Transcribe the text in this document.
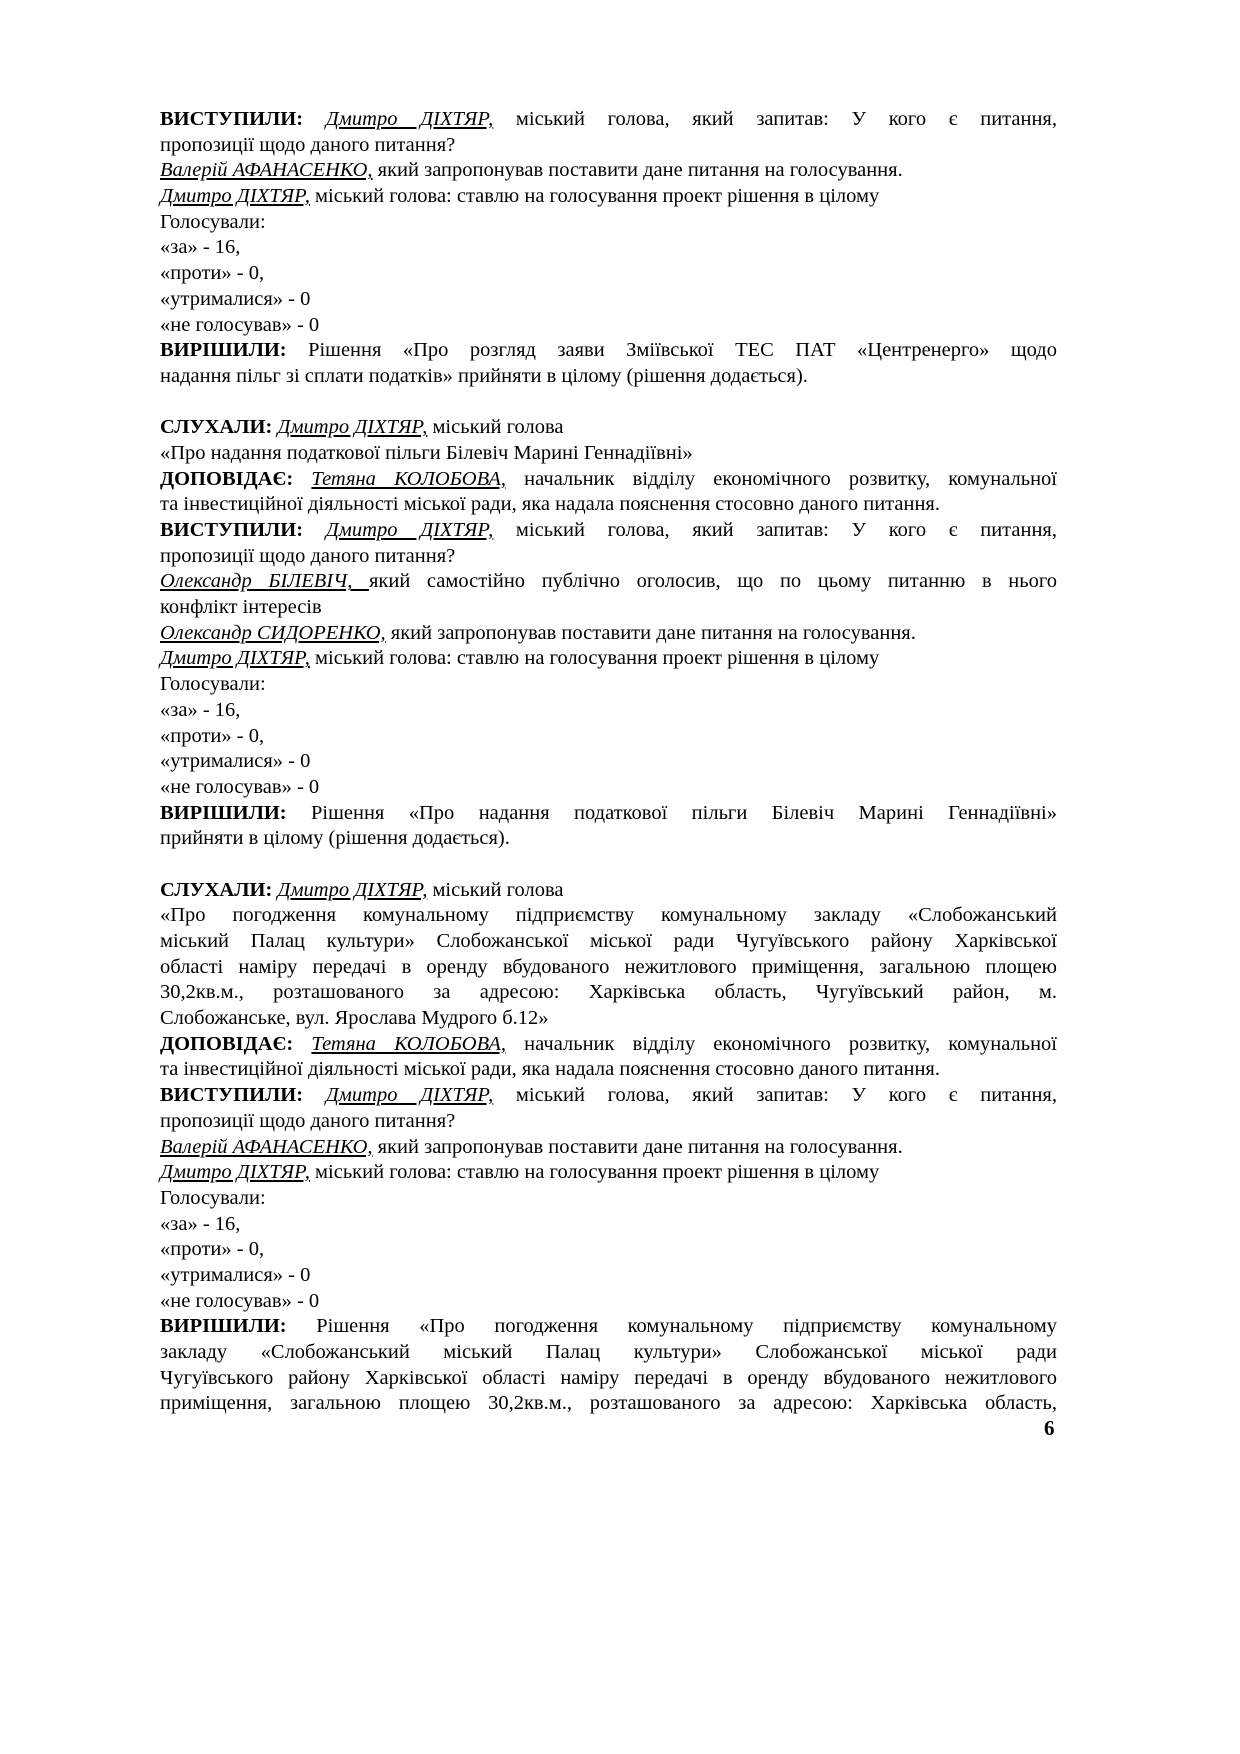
ВИСТУПИЛИ: Дмитро ДІХТЯР, міський голова, який запитав: У кого є питання,
пропозиції щодо даного питання?
Валерій АФАНАСЕНКО, який запропонував поставити дане питання на голосування.
Дмитро ДІХТЯР, міський голова: ставлю на голосування проект рішення в цілому
Голосували:
«за» - 16,
«проти» - 0,
«утрималися» - 0
«не голосував» - 0
ВИРІШИЛИ: Рішення «Про розгляд заяви Зміївської ТЕС ПАТ «Центренерго» щодо
надання пільг зі сплати податків» прийняти в цілому (рішення додається).
СЛУХАЛИ: Дмитро ДІХТЯР, міський голова
«Про надання податкової пільги Білевіч Марині Геннадіївні»
ДОПОВІДАЄ: Тетяна КОЛОБОВА, начальник відділу економічного розвитку, комунальної
та інвестиційної діяльності міської ради, яка надала пояснення стосовно даного питання.
ВИСТУПИЛИ: Дмитро ДІХТЯР, міський голова, який запитав: У кого є питання,
пропозиції щодо даного питання?
Олександр БІЛЕВІЧ, який самостійно публічно оголосив, що по цьому питанню в нього
конфлікт інтересів
Олександр СИДОРЕНКО, який запропонував поставити дане питання на голосування.
Дмитро ДІХТЯР, міський голова: ставлю на голосування проект рішення в цілому
Голосували:
«за» - 16,
«проти» - 0,
«утрималися» - 0
«не голосував» - 0
ВИРІШИЛИ: Рішення «Про надання податкової пільги Білевіч Марині Геннадіївні»
прийняти в цілому (рішення додається).
СЛУХАЛИ: Дмитро ДІХТЯР, міський голова
«Про погодження комунальному підприємству комунальному закладу «Слобожанський
міський Палац культури» Слобожанської міської ради Чугуївського району Харківської
області наміру передачі в оренду вбудованого нежитлового приміщення, загальною площею
30,2кв.м., розташованого за адресою: Харківська область, Чугуївський район, м.
Слобожанське, вул. Ярослава Мудрого б.12»
ДОПОВІДАЄ: Тетяна КОЛОБОВА, начальник відділу економічного розвитку, комунальної
та інвестиційної діяльності міської ради, яка надала пояснення стосовно даного питання.
ВИСТУПИЛИ: Дмитро ДІХТЯР, міський голова, який запитав: У кого є питання,
пропозиції щодо даного питання?
Валерій АФАНАСЕНКО, який запропонував поставити дане питання на голосування.
Дмитро ДІХТЯР, міський голова: ставлю на голосування проект рішення в цілому
Голосували:
«за» - 16,
«проти» - 0,
«утрималися» - 0
«не голосував» - 0
ВИРІШИЛИ: Рішення «Про погодження комунальному підприємству комунальному
закладу «Слобожанський міський Палац культури» Слобожанської міської ради
Чугуївського району Харківської області наміру передачі в оренду вбудованого нежитлового
приміщення, загальною площею 30,2кв.м., розташованого за адресою: Харківська область,
6
